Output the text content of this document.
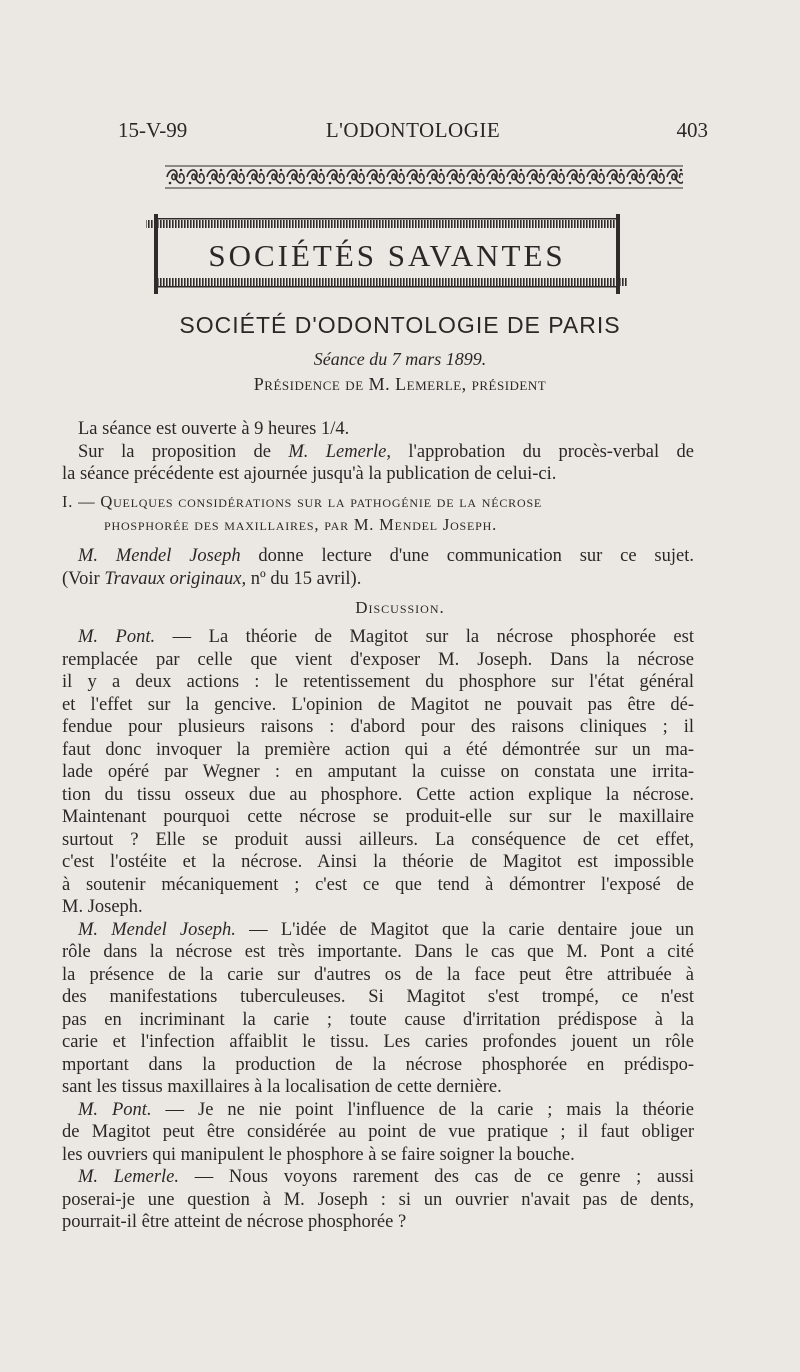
15-V-99	L'ODONTOLOGIE	403
SOCIÉTÉS SAVANTES
SOCIÉTÉ D'ODONTOLOGIE DE PARIS
Séance du 7 mars 1899.
Présidence de M. Lemerle, président
La séance est ouverte à 9 heures 1/4.
Sur la proposition de M. Lemerle, l'approbation du procès-verbal de
la séance précédente est ajournée jusqu'à la publication de celui-ci.
I. — Quelques considérations sur la pathogénie de la nécrose
phosphorée des maxillaires, par M. Mendel Joseph.
M. Mendel Joseph donne lecture d'une communication sur ce sujet.
(Voir Travaux originaux, nº du 15 avril).
Discussion.
M. Pont. — La théorie de Magitot sur la nécrose phosphorée est
remplacée par celle que vient d'exposer M. Joseph. Dans la nécrose
il y a deux actions : le retentissement du phosphore sur l'état général
et l'effet sur la gencive. L'opinion de Magitot ne pouvait pas être dé-
fendue pour plusieurs raisons : d'abord pour des raisons cliniques ; il
faut donc invoquer la première action qui a été démontrée sur un ma-
lade opéré par Wegner : en amputant la cuisse on constata une irrita-
tion du tissu osseux due au phosphore. Cette action explique la nécrose.
Maintenant pourquoi cette nécrose se produit-elle sur sur le maxillaire
surtout ? Elle se produit aussi ailleurs. La conséquence de cet effet,
c'est l'ostéite et la nécrose. Ainsi la théorie de Magitot est impossible
à soutenir mécaniquement ; c'est ce que tend à démontrer l'exposé de
M. Joseph.
M. Mendel Joseph. — L'idée de Magitot que la carie dentaire joue un
rôle dans la nécrose est très importante. Dans le cas que M. Pont a cité
la présence de la carie sur d'autres os de la face peut être attribuée à
des manifestations tuberculeuses. Si Magitot s'est trompé, ce n'est
pas en incriminant la carie ; toute cause d'irritation prédispose à la
carie et l'infection affaiblit le tissu. Les caries profondes jouent un rôle
mportant dans la production de la nécrose phosphorée en prédispo-
sant les tissus maxillaires à la localisation de cette dernière.
M. Pont. — Je ne nie point l'influence de la carie ; mais la théorie
de Magitot peut être considérée au point de vue pratique ; il faut obliger
les ouvriers qui manipulent le phosphore à se faire soigner la bouche.
M. Lemerle. — Nous voyons rarement des cas de ce genre ; aussi
poserai-je une question à M. Joseph : si un ouvrier n'avait pas de dents,
pourrait-il être atteint de nécrose phosphorée ?
